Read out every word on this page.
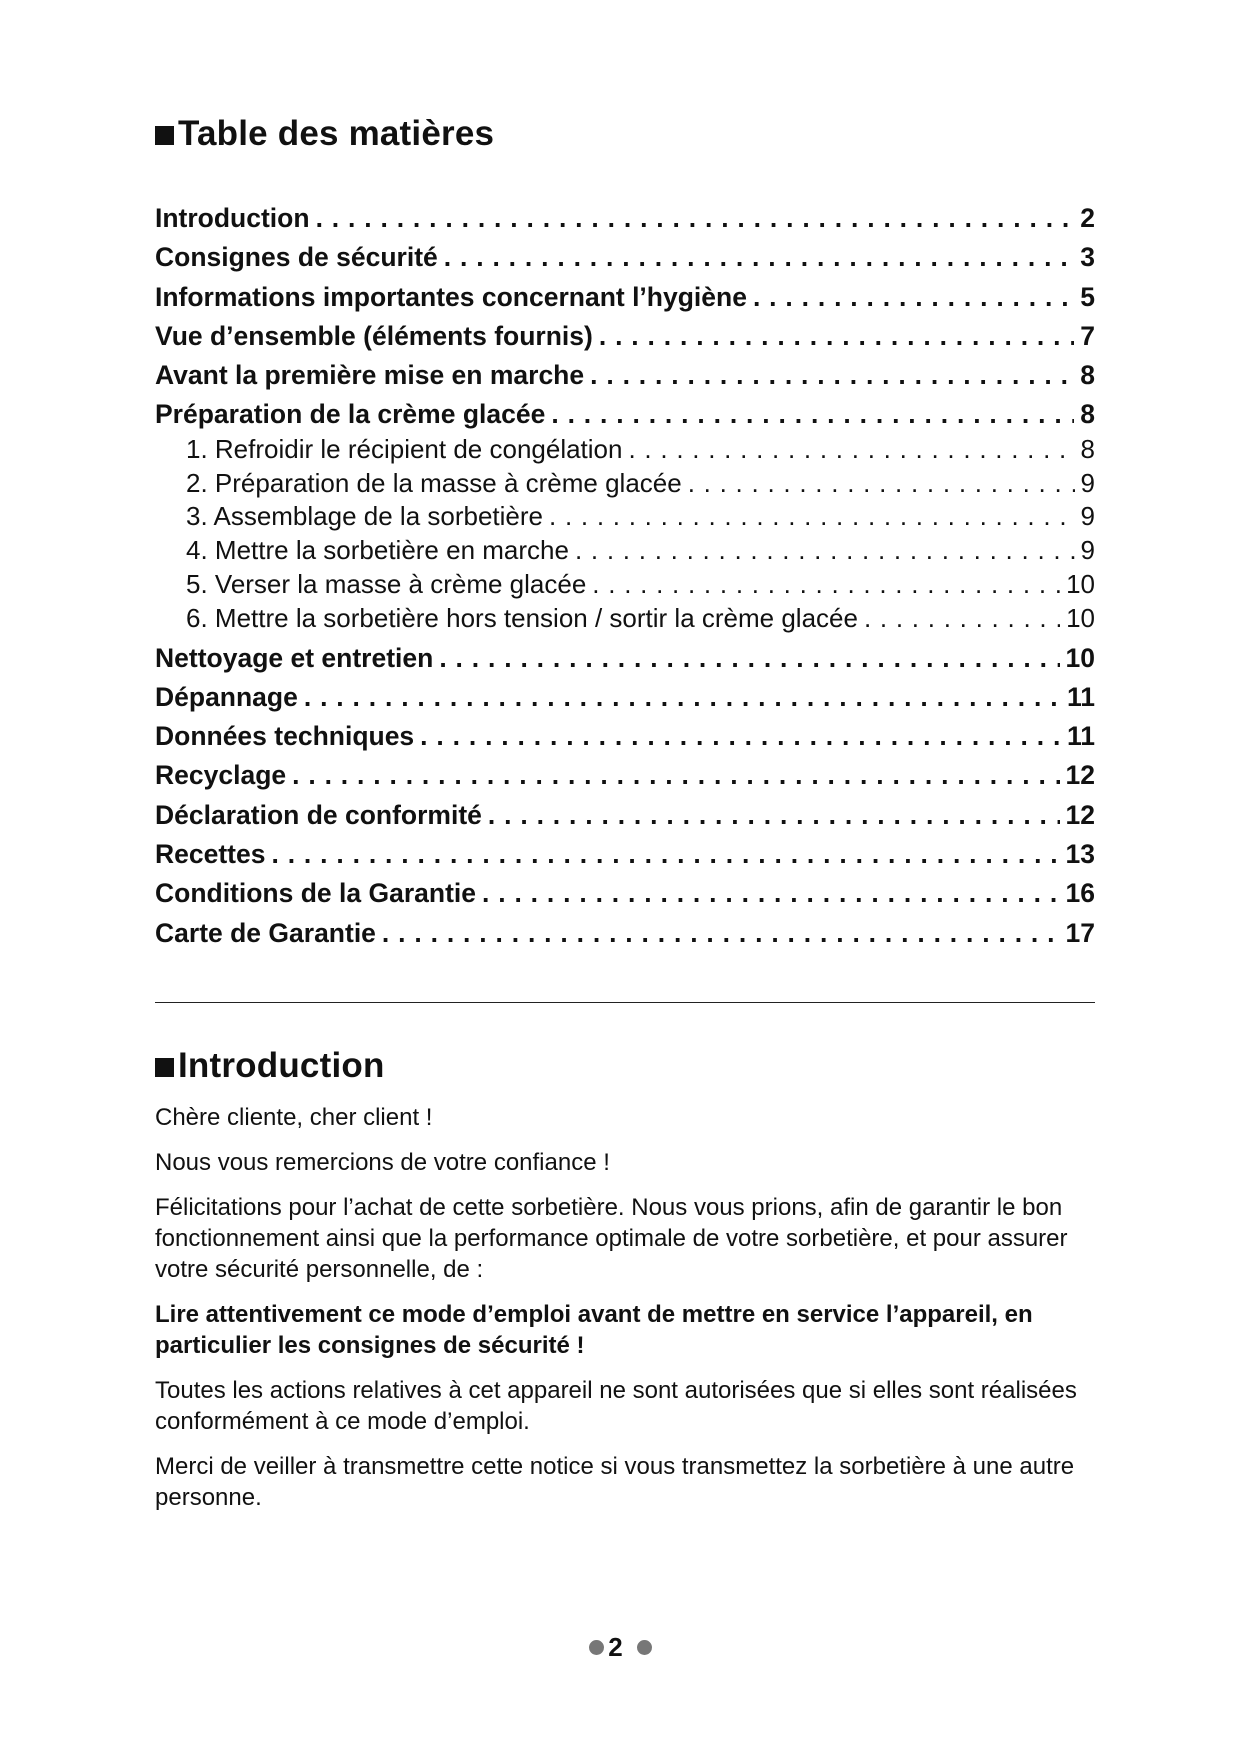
Table des matières
Introduction . . .	2
Consignes de sécurité . . .	3
Informations importantes concernant l’hygiène . . .	5
Vue d’ensemble (éléments fournis) . . .	7
Avant la première mise en marche . . .	8
Préparation de la crème glacée . . .	8
1. Refroidir le récipient de congélation . . .	8
2. Préparation de la masse à crème glacée . . .	9
3. Assemblage de la sorbetière . . .	9
4. Mettre la sorbetière en marche . . .	9
5. Verser la masse à crème glacée . . .	10
6. Mettre la sorbetière hors tension / sortir la crème glacée . . .	10
Nettoyage et entretien . . .	10
Dépannage . . .	11
Données techniques . . .	11
Recyclage . . .	12
Déclaration de conformité . . .	12
Recettes . . .	13
Conditions de la Garantie . . .	16
Carte de Garantie . . .	17
Introduction

Chère cliente, cher client !

Nous vous remercions de votre confiance !

Félicitations pour l’achat de cette sorbetière. Nous vous prions, afin de garantir le bon fonctionnement ainsi que la performance optimale de votre sorbetière, et pour assurer votre sécurité personnelle, de :

Lire attentivement ce mode d’emploi avant de mettre en service l’appareil, en particulier les consignes de sécurité !

Toutes les actions relatives à cet appareil ne sont autorisées que si elles sont réalisées conformément à ce mode d’emploi.

Merci de veiller à transmettre cette notice si vous transmettez la sorbetière à une autre personne.

2
